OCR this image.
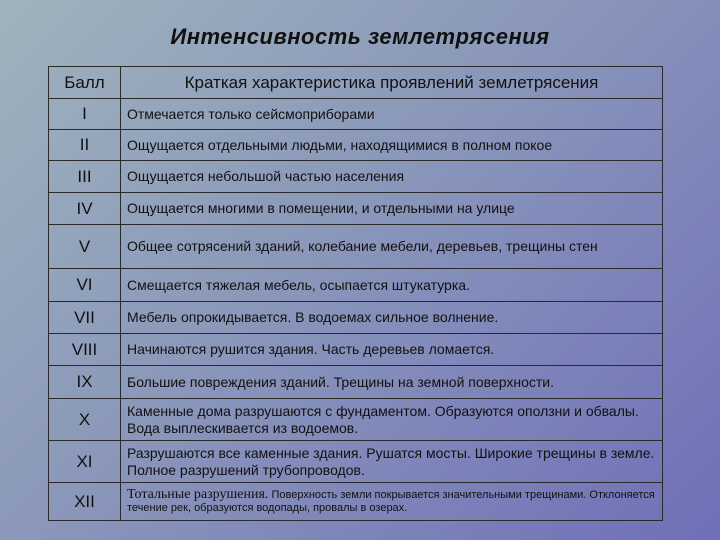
Интенсивность землетрясения
Балл	Краткая характеристика проявлений землетрясения
I	Отмечается только сейсмоприборами
II	Ощущается отдельными людьми, находящимися в полном покое
III	Ощущается небольшой частью населения
IV	Ощущается многими в помещении, и отдельными на улице
V	Общее сотрясений зданий, колебание мебели, деревьев, трещины стен
VI	Смещается тяжелая мебель, осыпается штукатурка.
VII	Мебель опрокидывается. В водоемах сильное волнение.
VIII	Начинаются рушится здания. Часть деревьев ломается.
IX	Большие повреждения зданий. Трещины на земной поверхности.
X	Каменные дома разрушаются с фундаментом. Образуются оползни и обвалы. Вода выплескивается из водоемов.
XI	Разрушаются все каменные здания. Рушатся мосты. Широкие трещины в земле. Полное разрушений трубопроводов.
XII	Тотальные разрушения. Поверхность земли покрывается значительными трещинами. Отклоняется течение рек, образуются водопады, провалы в озерах.
